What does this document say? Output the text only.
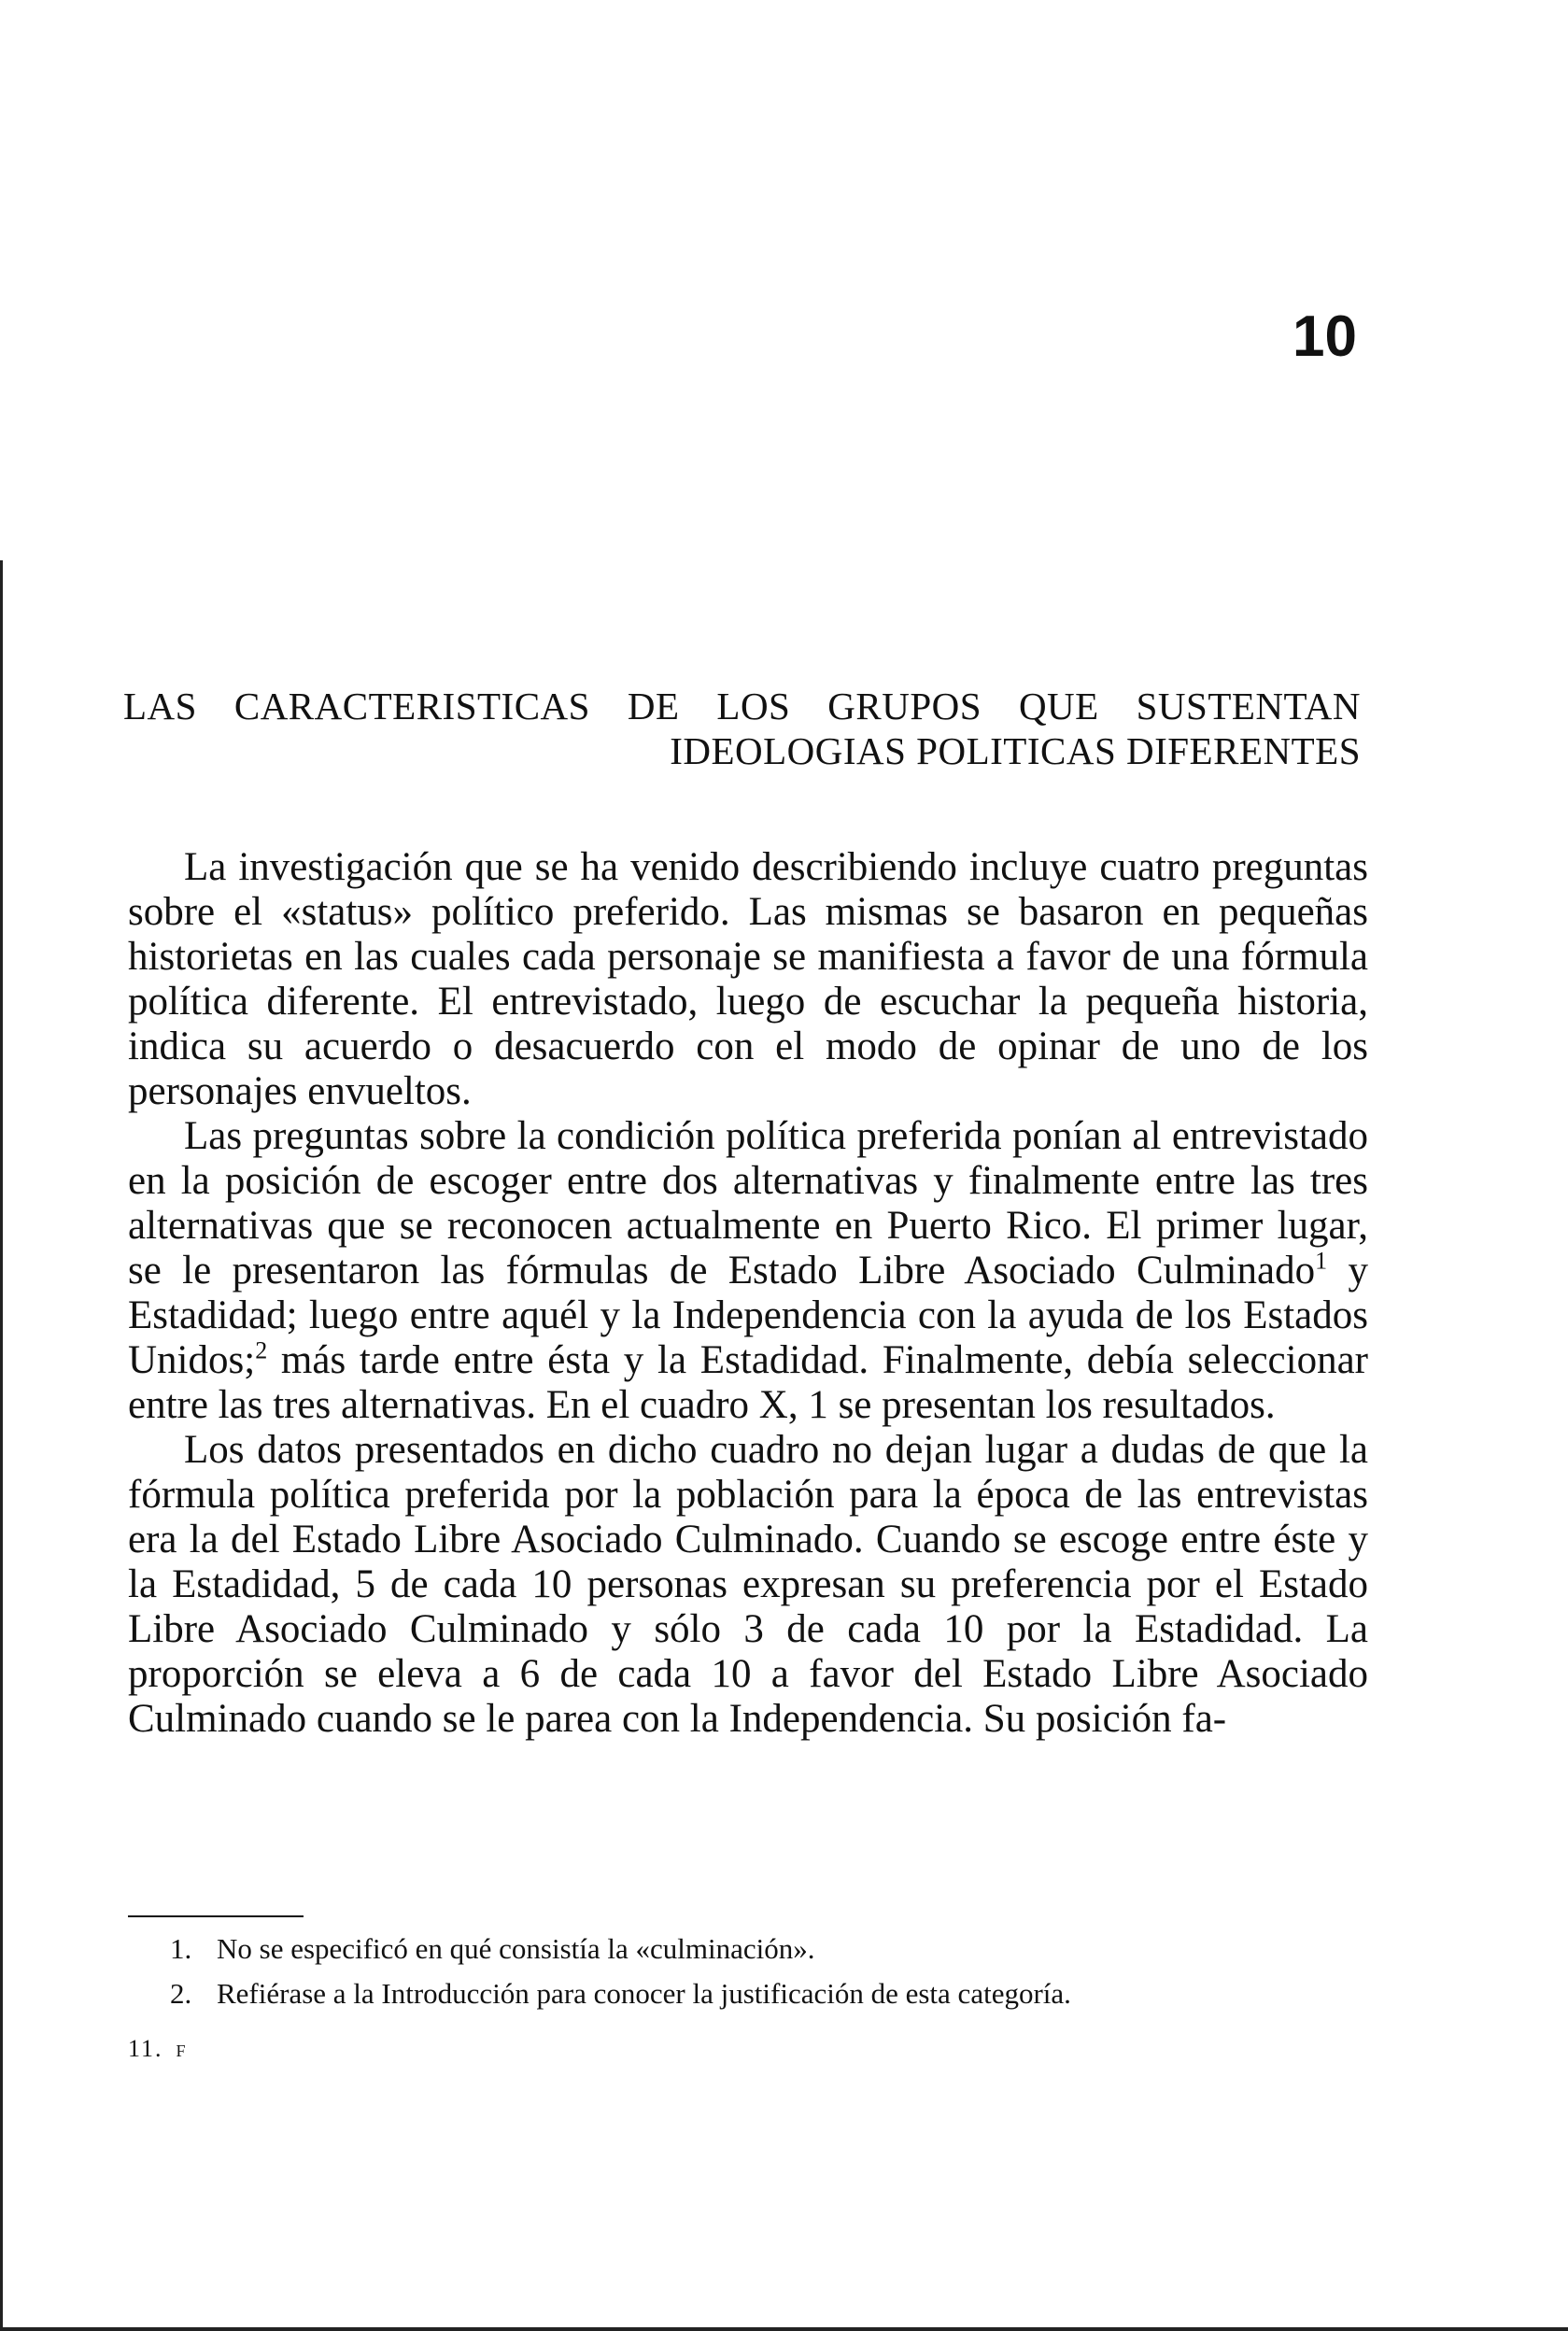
10
LAS CARACTERISTICAS DE LOS GRUPOS QUE SUSTENTAN
IDEOLOGIAS POLITICAS DIFERENTES

La investigación que se ha venido describiendo incluye cuatro preguntas sobre el «status» político preferido. Las mismas se basaron en pequeñas historietas en las cuales cada personaje se manifiesta a favor de una fórmula política diferente. El entrevistado, luego de escuchar la pequeña historia, indica su acuerdo o desacuerdo con el modo de opinar de uno de los personajes envueltos.

Las preguntas sobre la condición política preferida ponían al entrevistado en la posición de escoger entre dos alternativas y finalmente entre las tres alternativas que se reconocen actualmente en Puerto Rico. El primer lugar, se le presentaron las fórmulas de Estado Libre Asociado Culminado$^1$ y Estadidad; luego entre aquél y la Independencia con la ayuda de los Estados Unidos;$^2$ más tarde entre ésta y la Estadidad. Finalmente, debía seleccionar entre las tres alternativas. En el cuadro X, 1 se presentan los resultados.

Los datos presentados en dicho cuadro no dejan lugar a dudas de que la fórmula política preferida por la población para la época de las entrevistas era la del Estado Libre Asociado Culminado. Cuando se escoge entre éste y la Estadidad, 5 de cada 10 personas expresan su preferencia por el Estado Libre Asociado Culminado y sólo 3 de cada 10 por la Estadidad. La proporción se eleva a 6 de cada 10 a favor del Estado Libre Asociado Culminado cuando se le parea con la Independencia. Su posición fa-

1. No se especificó en qué consistía la «culminación».
2. Refiérase a la Introducción para conocer la justificación de esta categoría.
11. F
